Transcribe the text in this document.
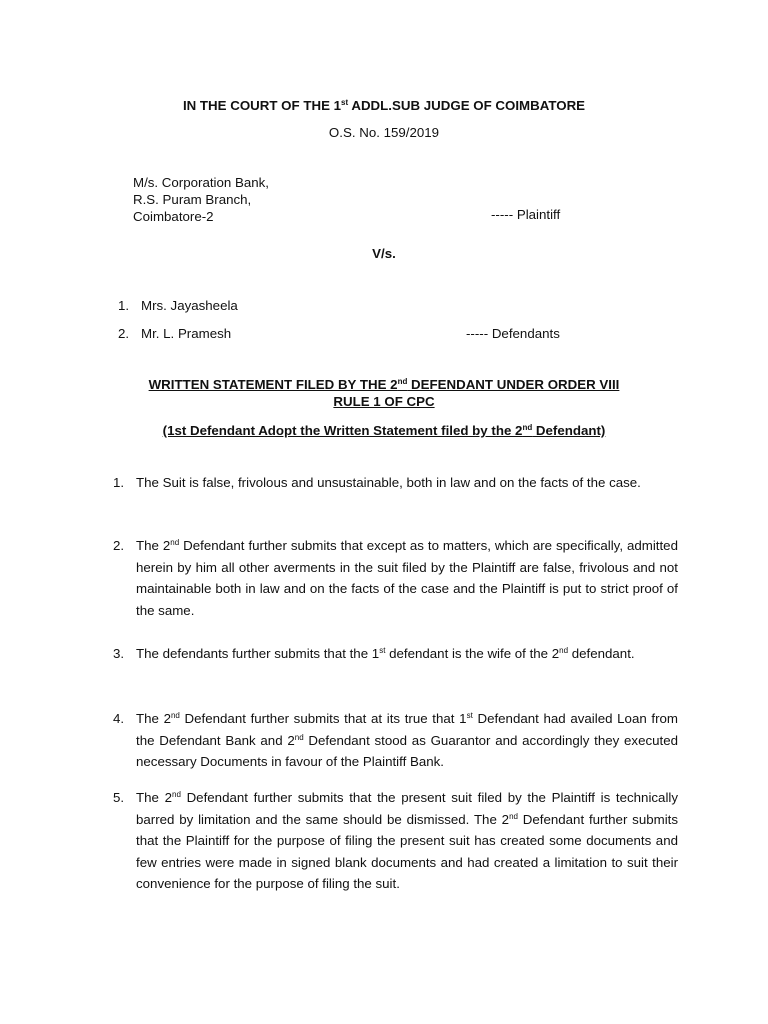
IN THE COURT OF THE 1st ADDL.SUB JUDGE OF COIMBATORE
O.S. No. 159/2019
M/s. Corporation Bank,
R.S. Puram Branch,
Coimbatore-2	----- Plaintiff
V/s.
1. Mrs. Jayasheela
2. Mr. L. Pramesh	----- Defendants
WRITTEN STATEMENT FILED BY THE 2nd DEFENDANT UNDER ORDER VIII
RULE 1 OF CPC
(1st Defendant Adopt the Written Statement filed by the 2nd Defendant)
1. The Suit is false, frivolous and unsustainable, both in law and on the facts of the case.
2. The 2nd Defendant further submits that except as to matters, which are specifically, admitted herein by him all other averments in the suit filed by the Plaintiff are false, frivolous and not maintainable both in law and on the facts of the case and the Plaintiff is put to strict proof of the same.
3. The defendants further submits that the 1st defendant is the wife of the 2nd defendant.
4. The 2nd Defendant further submits that at its true that 1st Defendant had availed Loan from the Defendant Bank and 2nd Defendant stood as Guarantor and accordingly they executed necessary Documents in favour of the Plaintiff Bank.
5. The 2nd Defendant further submits that the present suit filed by the Plaintiff is technically barred by limitation and the same should be dismissed. The 2nd Defendant further submits that the Plaintiff for the purpose of filing the present suit has created some documents and few entries were made in signed blank documents and had created a limitation to suit their convenience for the purpose of filing the suit.
